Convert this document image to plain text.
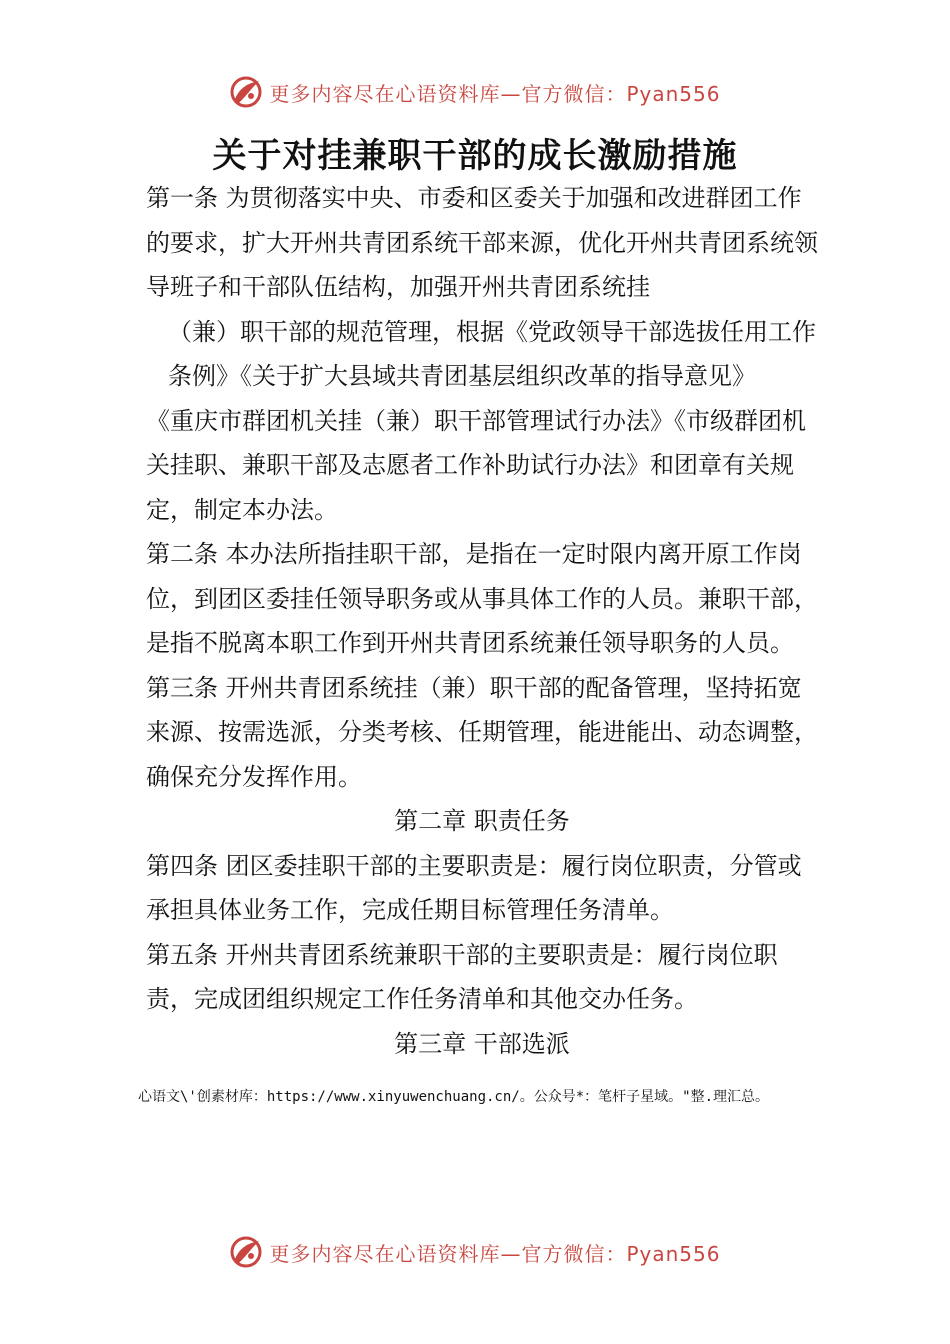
更多内容尽在心语资料库—官方微信：Pyan556
关于对挂兼职干部的成长激励措施

第一条 为贯彻落实中央、市委和区委关于加强和改进群团工作的要求，扩大开州共青团系统干部来源，优化开州共青团系统领导班子和干部队伍结构，加强开州共青团系统挂

（兼）职干部的规范管理，根据《党政领导干部选拔任用工作条例》《关于扩大县域共青团基层组织改革的指导意见》

《重庆市群团机关挂（兼）职干部管理试行办法》《市级群团机关挂职、兼职干部及志愿者工作补助试行办法》和团章有关规定，制定本办法。

第二条 本办法所指挂职干部，是指在一定时限内离开原工作岗位，到团区委挂任领导职务或从事具体工作的人员。兼职干部，是指不脱离本职工作到开州共青团系统兼任领导职务的人员。

第三条 开州共青团系统挂（兼）职干部的配备管理，坚持拓宽来源、按需选派，分类考核、任期管理，能进能出、动态调整，确保充分发挥作用。

第二章 职责任务

第四条 团区委挂职干部的主要职责是：履行岗位职责，分管或承担具体业务工作，完成任期目标管理任务清单。

第五条 开州共青团系统兼职干部的主要职责是：履行岗位职责，完成团组织规定工作任务清单和其他交办任务。

第三章 干部选派

心语文\'创素材库：https://www.xinyuwenchuang.cn/。公众号*：笔杆子星域。"整.理汇总。
更多内容尽在心语资料库—官方微信：Pyan556
